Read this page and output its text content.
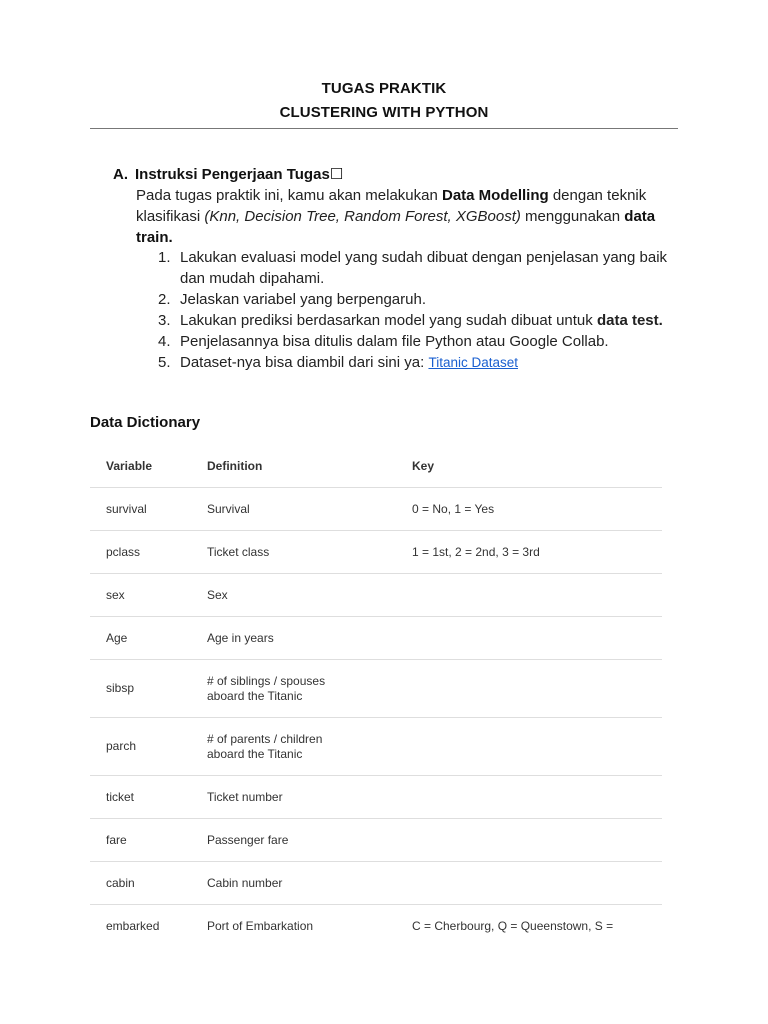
TUGAS PRAKTIK
CLUSTERING WITH PYTHON
A. Instruksi Pengerjaan Tugas☐
Pada tugas praktik ini, kamu akan melakukan Data Modelling dengan teknik klasifikasi (Knn, Decision Tree, Random Forest, XGBoost) menggunakan data train.
1. Lakukan evaluasi model yang sudah dibuat dengan penjelasan yang baik dan mudah dipahami.
2. Jelaskan variabel yang berpengaruh.
3. Lakukan prediksi berdasarkan model yang sudah dibuat untuk data test.
4. Penjelasannya bisa ditulis dalam file Python atau Google Collab.
5. Dataset-nya bisa diambil dari sini ya: Titanic Dataset
Data Dictionary
Variable	Definition	Key
survival	Survival	0 = No, 1 = Yes
pclass	Ticket class	1 = 1st, 2 = 2nd, 3 = 3rd
sex	Sex	
Age	Age in years	
sibsp	# of siblings / spouses aboard the Titanic	

parch	# of parents / children aboard the Titanic	

ticket	Ticket number	
fare	Passenger fare	
cabin	Cabin number	
embarked	Port of Embarkation	C = Cherbourg, Q = Queenstown, S =
